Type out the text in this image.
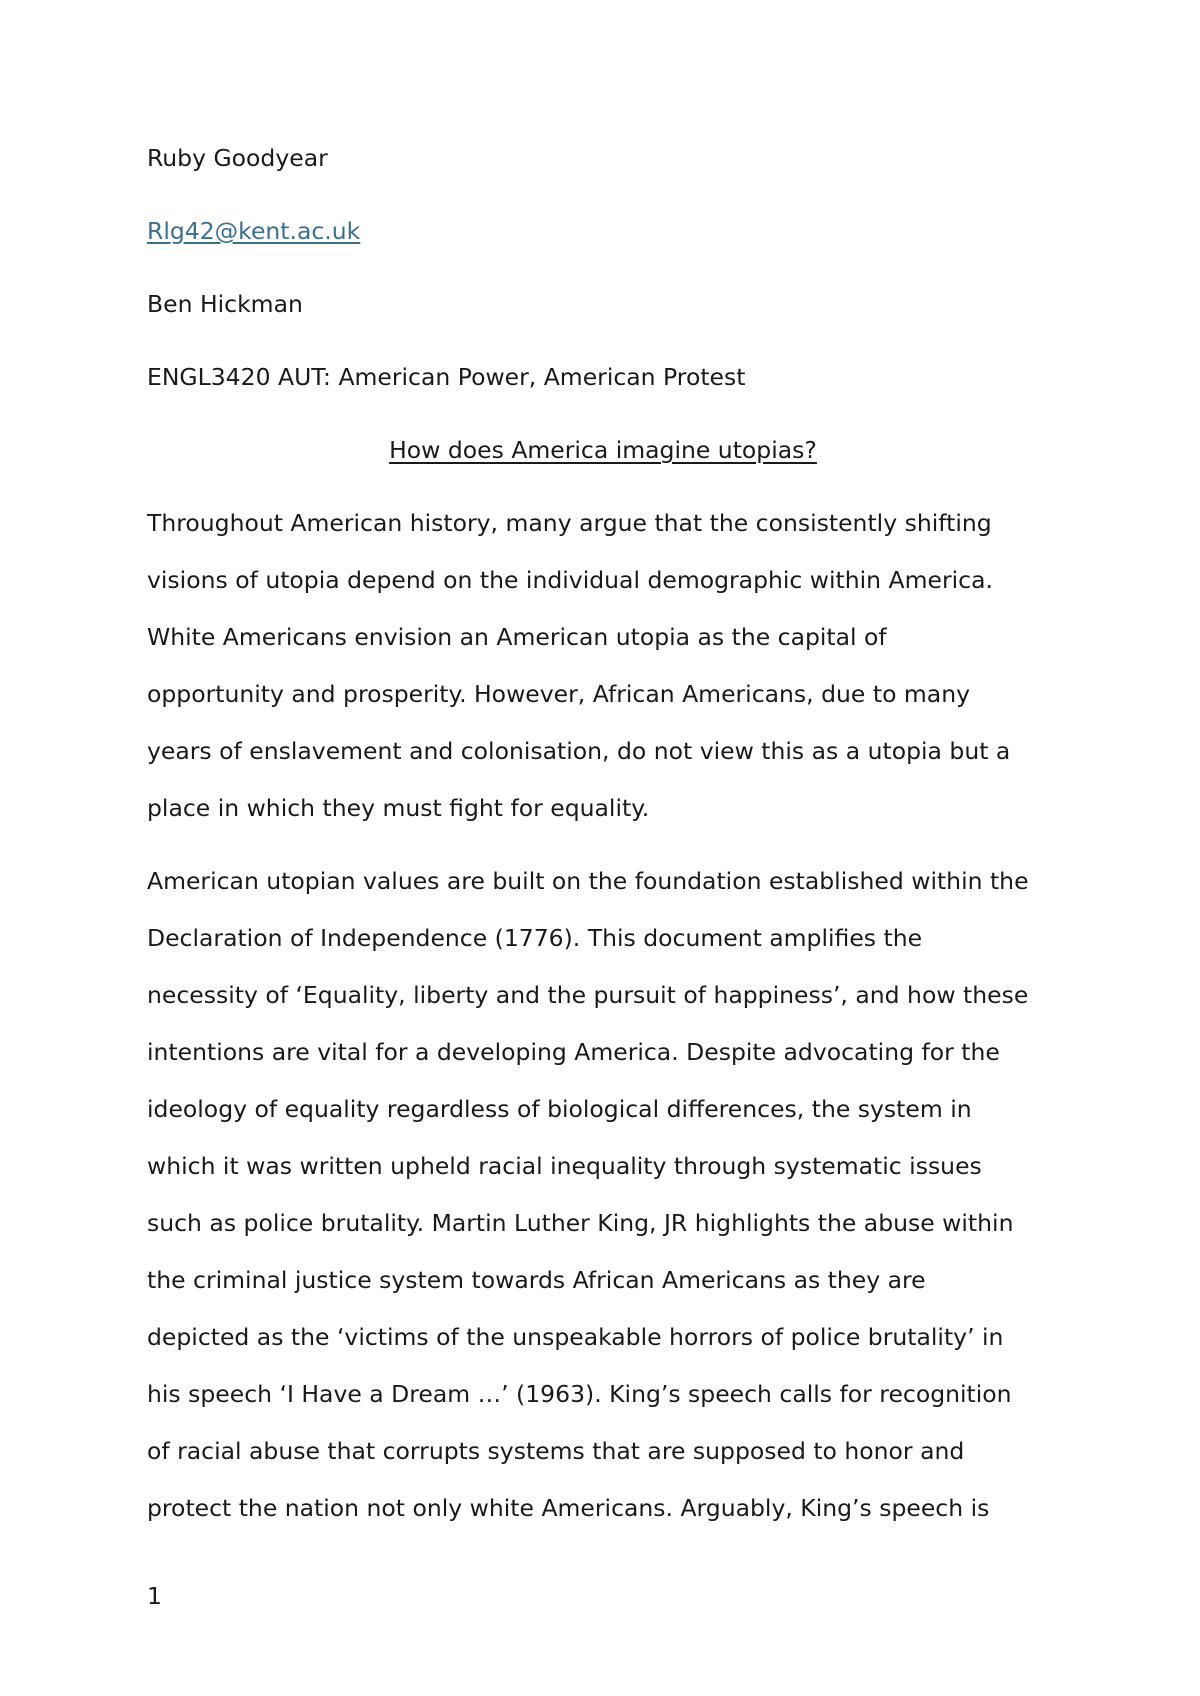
Ruby Goodyear

Rlg42@kent.ac.uk

Ben Hickman

ENGL3420 AUT: American Power, American Protest

How does America imagine utopias?

Throughout American history, many argue that the consistently shifting
visions of utopia depend on the individual demographic within America.
White Americans envision an American utopia as the capital of
opportunity and prosperity. However, African Americans, due to many
years of enslavement and colonisation, do not view this as a utopia but a
place in which they must fight for equality.
American utopian values are built on the foundation established within the
Declaration of Independence (1776). This document amplifies the
necessity of ‘Equality, liberty and the pursuit of happiness’, and how these
intentions are vital for a developing America. Despite advocating for the
ideology of equality regardless of biological differences, the system in
which it was written upheld racial inequality through systematic issues
such as police brutality. Martin Luther King, JR highlights the abuse within
the criminal justice system towards African Americans as they are
depicted as the ‘victims of the unspeakable horrors of police brutality’ in
his speech ‘I Have a Dream …’ (1963). King’s speech calls for recognition
of racial abuse that corrupts systems that are supposed to honor and
protect the nation not only white Americans. Arguably, King’s speech is

1
